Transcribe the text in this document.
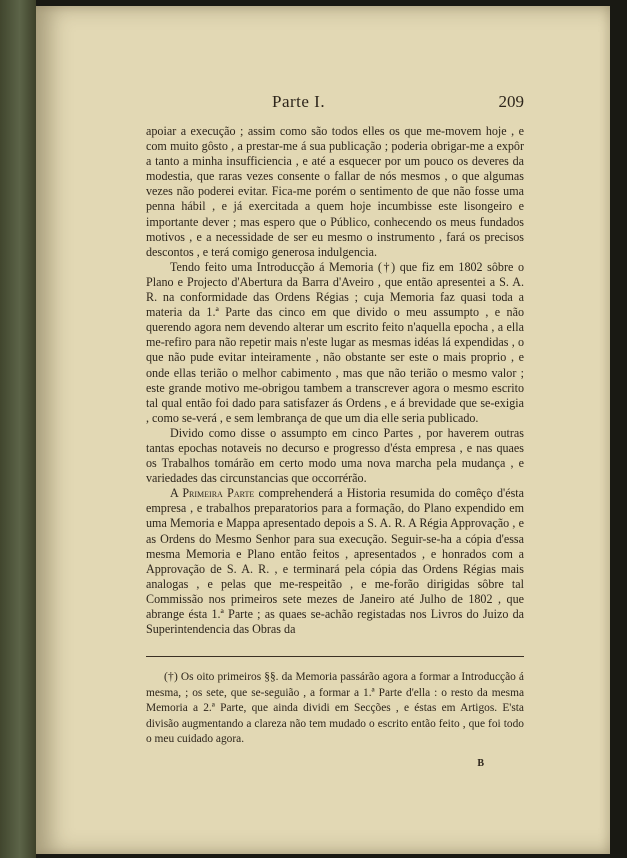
Parte I.	209

apoiar a execução ; assim como são todos elles os que me-movem hoje , e com muito gôsto , a prestar-me á sua publicação ; poderia obrigar-me a expôr a tanto a minha insufficiencia , e até a esquecer por um pouco os deveres da modestia, que raras vezes consente o fallar de nós mesmos , o que algumas vezes não poderei evitar. Fica-me porém o sentimento de que não fosse uma penna hábil , e já exercitada a quem hoje incumbisse este lisongeiro e importante dever ; mas espero que o Público, conhecendo os meus fundados motivos , e a necessidade de ser eu mesmo o instrumento , fará os precisos descontos , e terá comigo generosa indulgencia.

Tendo feito uma Introducção á Memoria (†) que fiz em 1802 sôbre o Plano e Projecto d'Abertura da Barra d'Aveiro , que então apresentei a S. A. R. na conformidade das Ordens Régias ; cuja Memoria faz quasi toda a materia da 1.ª Parte das cinco em que divido o meu assumpto , e não querendo agora nem devendo alterar um escrito feito n'aquella epocha , a ella me-refiro para não repetir mais n'este lugar as mesmas idéas lá expendidas , o que não pude evitar inteiramente , não obstante ser este o mais proprio , e onde ellas terião o melhor cabimento , mas que não terião o mesmo valor ; este grande motivo me-obrigou tambem a transcrever agora o mesmo escrito tal qual então foi dado para satisfazer ás Ordens , e á brevidade que se-exigia , como se-verá , e sem lembrança de que um dia elle seria publicado.

Divido como disse o assumpto em cinco Partes , por haverem outras tantas epochas notaveis no decurso e progresso d'ésta empresa , e nas quaes os Trabalhos tomárão em certo modo uma nova marcha pela mudança , e variedades das circunstancias que occorrérão.

A Primeira Parte comprehenderá a Historia resumida do comêço d'ésta empresa , e trabalhos preparatorios para a formação, do Plano expendido em uma Memoria e Mappa apresentado depois a S. A. R. A Régia Approvação , e as Ordens do Mesmo Senhor para sua execução. Seguir-se-ha a cópia d'essa mesma Memoria e Plano então feitos , apresentados , e honrados com a Approvação de S. A. R. , e terminará pela cópia das Ordens Régias mais analogas , e pelas que me-respeitão , e me-forão dirigidas sôbre tal Commissão nos primeiros sete mezes de Janeiro até Julho de 1802 , que abrange ésta 1.ª Parte ; as quaes se-achão registadas nos Livros do Juizo da Superintendencia das Obras da

(†) Os oito primeiros §§. da Memoria passárão agora a formar a Introducção á mesma, ; os sete, que se-seguião , a formar a 1.ª Parte d'ella : o resto da mesma Memoria a 2.ª Parte, que ainda dividi em Secções , e éstas em Artigos. E'sta divisão augmentando a clareza não tem mudado o escrito então feito , que foi todo o meu cuidado agora.

B
